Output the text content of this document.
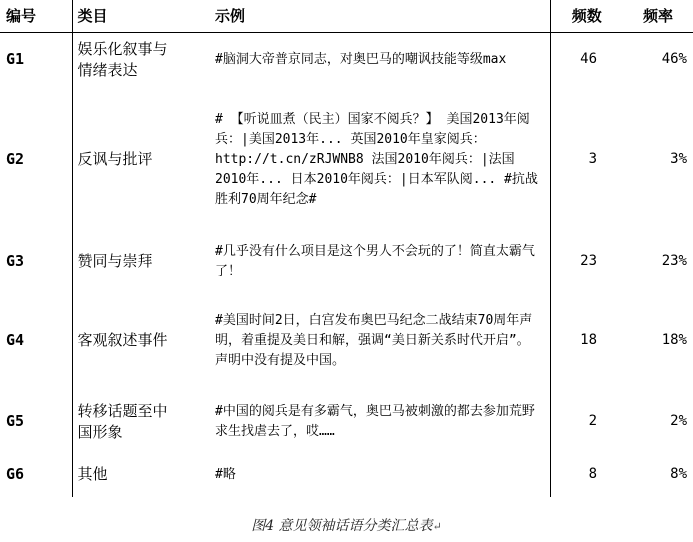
编号	类目	示例	频数	频率
G1	娱乐化叙事与情绪表达	#脑洞大帝普京同志，对奥巴马的嘲讽技能等级max	46	46%
G2	反讽与批评	# 【听说皿煮（民主）国家不阅兵？】 美国2013年阅兵：|美国2013年... 英国2010年皇家阅兵：http://t.cn/zRJWNB8 法国2010年阅兵：|法国2010年... 日本2010年阅兵：|日本军队阅... #抗战胜利70周年纪念#	3	3%
G3	赞同与崇拜	#几乎没有什么项目是这个男人不会玩的了！简直太霸气了！	23	23%
G4	客观叙述事件	#美国时间2日，白宫发布奥巴马纪念二战结束70周年声明，着重提及美日和解，强调“美日新关系时代开启”。声明中没有提及中国。	18	18%
G5	转移话题至中国形象	#中国的阅兵是有多霸气，奥巴马被刺激的都去参加荒野求生找虐去了，哎……	2	2%
G6	其他	#略	8	8%
图4 意见领袖话语分类汇总表↵
